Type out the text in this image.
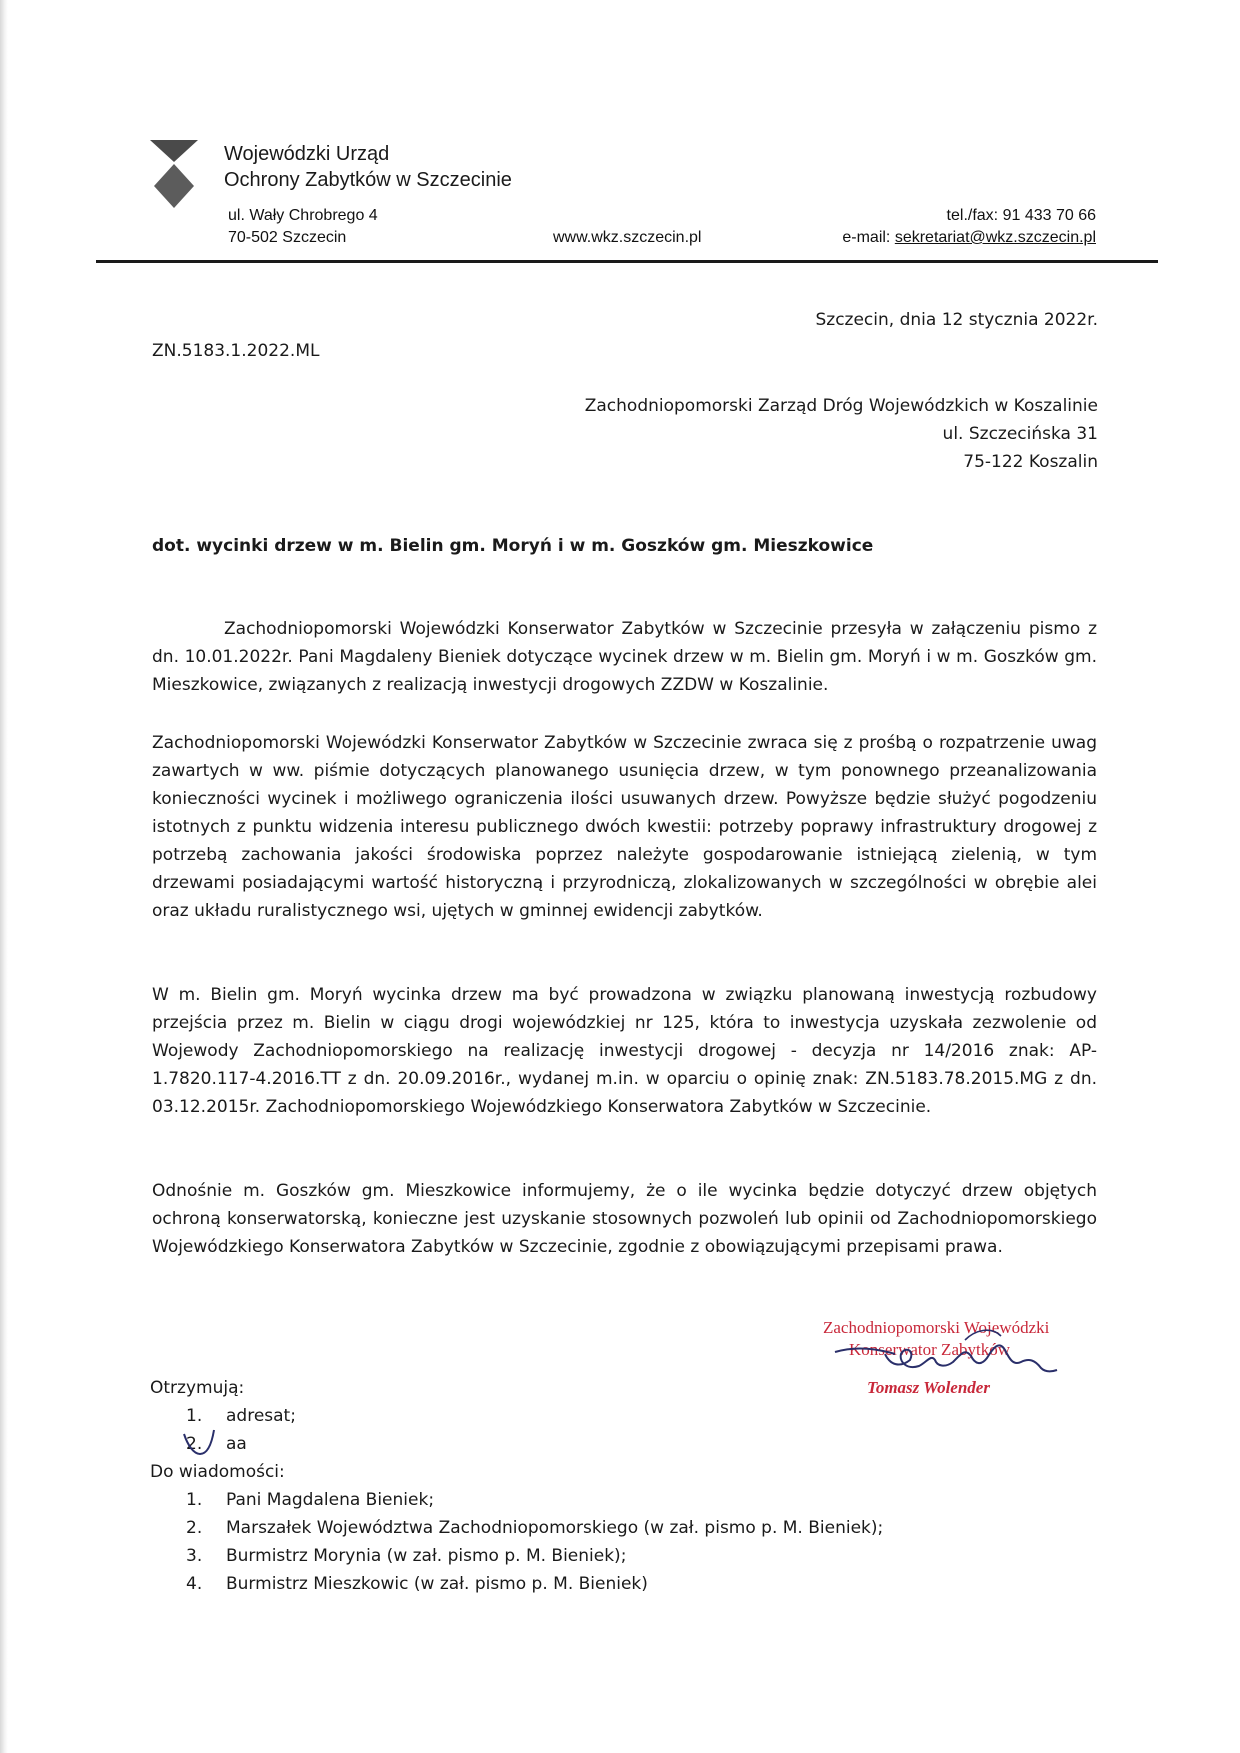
Wojewódzki Urząd
Ochrony Zabytków w Szczecinie
ul. Wały Chrobrego 4
70-502 Szczecin	www.wkz.szczecin.pl
tel./fax: 91 433 70 66
e-mail: sekretariat@wkz.szczecin.pl
Szczecin, dnia 12 stycznia 2022r.
ZN.5183.1.2022.ML
Zachodniopomorski Zarząd Dróg Wojewódzkich w Koszalinie
ul. Szczecińska 31
75-122 Koszalin
dot. wycinki drzew w m. Bielin gm. Moryń i w m. Goszków gm. Mieszkowice
Zachodniopomorski Wojewódzki Konserwator Zabytków w Szczecinie przesyła w załączeniu pismo z dn. 10.01.2022r. Pani Magdaleny Bieniek dotyczące wycinek drzew w m. Bielin gm. Moryń i w m. Goszków gm. Mieszkowice, związanych z realizacją inwestycji drogowych ZZDW w Koszalinie.
Zachodniopomorski Wojewódzki Konserwator Zabytków w Szczecinie zwraca się z prośbą o rozpatrzenie uwag zawartych w ww. piśmie dotyczących planowanego usunięcia drzew, w tym ponownego przeanalizowania konieczności wycinek i możliwego ograniczenia ilości usuwanych drzew. Powyższe będzie służyć pogodzeniu istotnych z punktu widzenia interesu publicznego dwóch kwestii: potrzeby poprawy infrastruktury drogowej z potrzebą zachowania jakości środowiska poprzez należyte gospodarowanie istniejącą zielenią, w tym drzewami posiadającymi wartość historyczną i przyrodniczą, zlokalizowanych w szczególności w obrębie alei oraz układu ruralistycznego wsi, ujętych w gminnej ewidencji zabytków.
W m. Bielin gm. Moryń wycinka drzew ma być prowadzona w związku planowaną inwestycją rozbudowy przejścia przez m. Bielin w ciągu drogi wojewódzkiej nr 125, która to inwestycja uzyskała zezwolenie od Wojewody Zachodniopomorskiego na realizację inwestycji drogowej - decyzja nr 14/2016 znak: AP-1.7820.117-4.2016.TT z dn. 20.09.2016r., wydanej m.in. w oparciu o opinię znak: ZN.5183.78.2015.MG z dn. 03.12.2015r. Zachodniopomorskiego Wojewódzkiego Konserwatora Zabytków w Szczecinie.
Odnośnie m. Goszków gm. Mieszkowice informujemy, że o ile wycinka będzie dotyczyć drzew objętych ochroną konserwatorską, konieczne jest uzyskanie stosownych pozwoleń lub opinii od Zachodniopomorskiego Wojewódzkiego Konserwatora Zabytków w Szczecinie, zgodnie z obowiązującymi przepisami prawa.
Zachodniopomorski Wojewódzki
Konserwator Zabytków
Tomasz Wolender
Otrzymują:
1.	adresat;
2.	aa
Do wiadomości:
1.	Pani Magdalena Bieniek;
2.	Marszałek Województwa Zachodniopomorskiego (w zał. pismo p. M. Bieniek);
3.	Burmistrz Morynia (w zał. pismo p. M. Bieniek);
4.	Burmistrz Mieszkowic (w zał. pismo p. M. Bieniek)
